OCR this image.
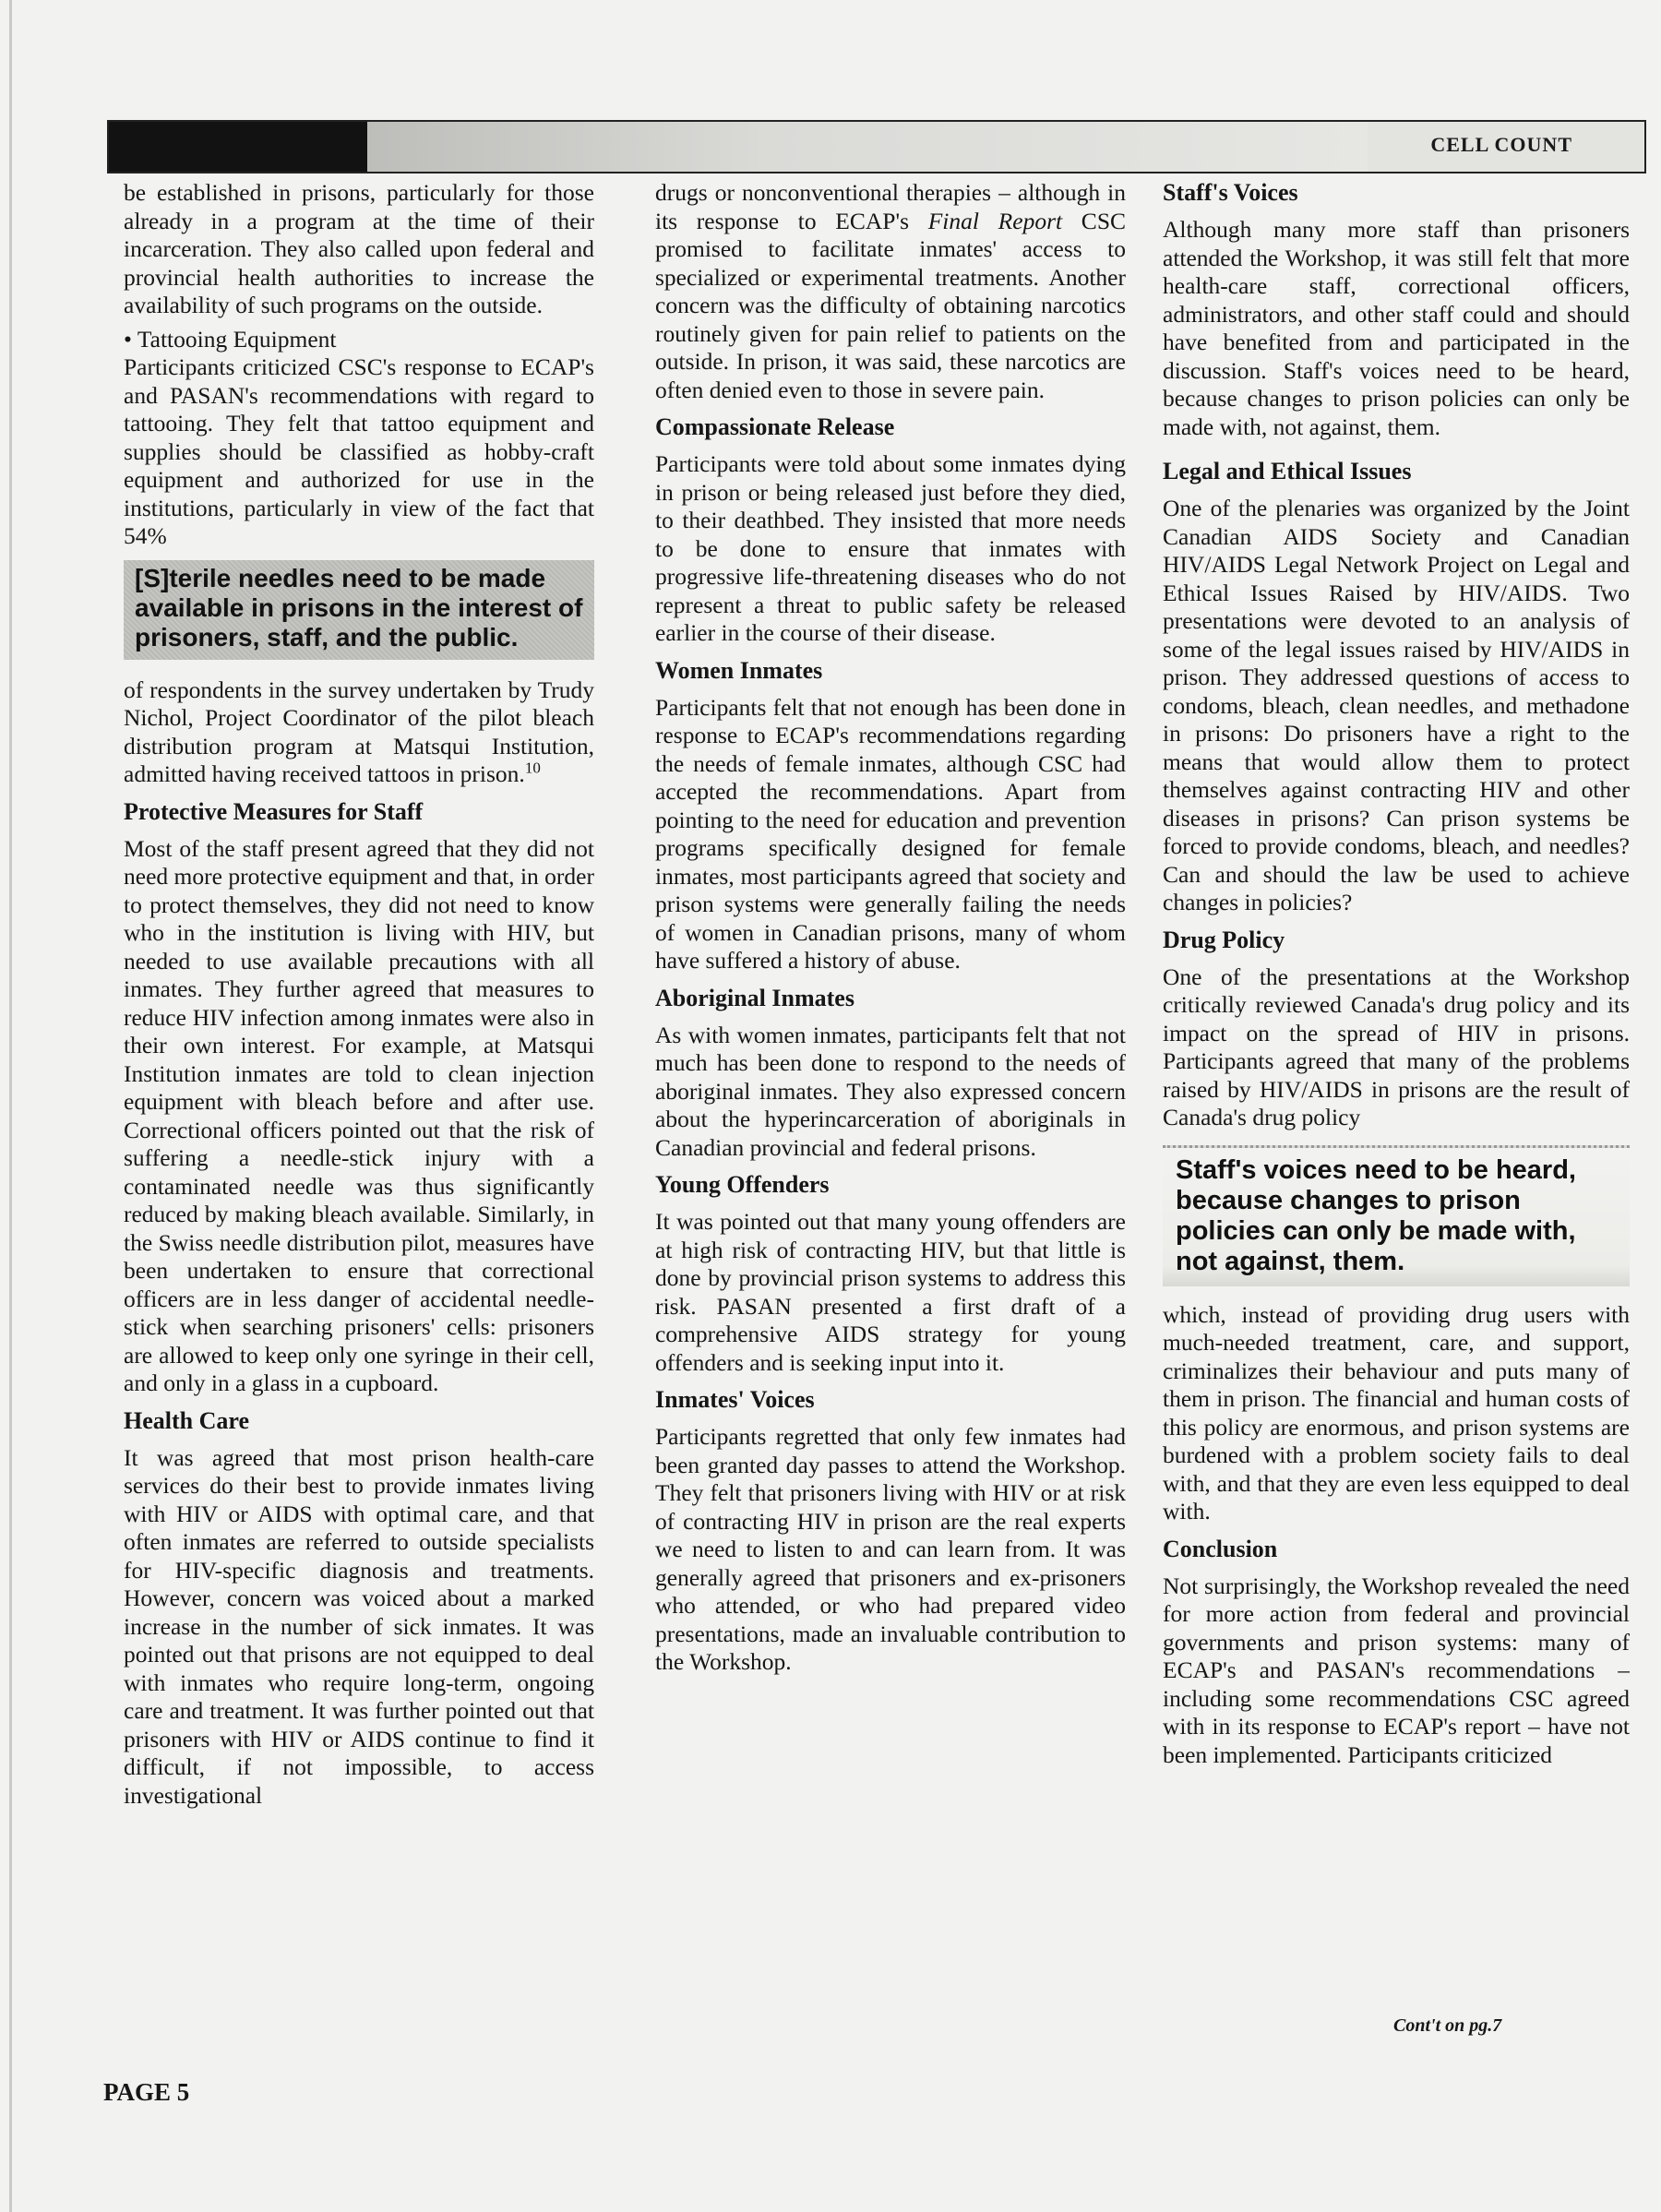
CELL COUNT

be established in prisons, particularly for those already in a program at the time of their incarceration. They also called upon federal and provincial health authorities to increase the availability of such programs on the outside.

• Tattooing Equipment

Participants criticized CSC's response to ECAP's and PASAN's recommendations with regard to tattooing. They felt that tattoo equipment and supplies should be classified as hobby-craft equipment and authorized for use in the institutions, particularly in view of the fact that 54%

[S]terile needles need to be made available in prisons in the interest of prisoners, staff, and the public.

of respondents in the survey undertaken by Trudy Nichol, Project Coordinator of the pilot bleach distribution program at Matsqui Institution, admitted having received tattoos in prison.$^{10}$

Protective Measures for Staff

Most of the staff present agreed that they did not need more protective equipment and that, in order to protect themselves, they did not need to know who in the institution is living with HIV, but needed to use available precautions with all inmates. They further agreed that measures to reduce HIV infection among inmates were also in their own interest. For example, at Matsqui Institution inmates are told to clean injection equipment with bleach before and after use. Correctional officers pointed out that the risk of suffering a needle-stick injury with a contaminated needle was thus significantly reduced by making bleach available. Similarly, in the Swiss needle distribution pilot, measures have been undertaken to ensure that correctional officers are in less danger of accidental needle-stick when searching prisoners' cells: prisoners are allowed to keep only one syringe in their cell, and only in a glass in a cupboard.

Health Care

It was agreed that most prison health-care services do their best to provide inmates living with HIV or AIDS with optimal care, and that often inmates are referred to outside specialists for HIV-specific diagnosis and treatments. However, concern was voiced about a marked increase in the number of sick inmates. It was pointed out that prisons are not equipped to deal with inmates who require long-term, ongoing care and treatment. It was further pointed out that prisoners with HIV or AIDS continue to find it difficult, if not impossible, to access investigational

drugs or nonconventional therapies – although in its response to ECAP's Final Report CSC promised to facilitate inmates' access to specialized or experimental treatments. Another concern was the difficulty of obtaining narcotics routinely given for pain relief to patients on the outside. In prison, it was said, these narcotics are often denied even to those in severe pain.

Compassionate Release

Participants were told about some inmates dying in prison or being released just before they died, to their deathbed. They insisted that more needs to be done to ensure that inmates with progressive life-threatening diseases who do not represent a threat to public safety be released earlier in the course of their disease.

Women Inmates

Participants felt that not enough has been done in response to ECAP's recommendations regarding the needs of female inmates, although CSC had accepted the recommendations. Apart from pointing to the need for education and prevention programs specifically designed for female inmates, most participants agreed that society and prison systems were generally failing the needs of women in Canadian prisons, many of whom have suffered a history of abuse.

Aboriginal Inmates

As with women inmates, participants felt that not much has been done to respond to the needs of aboriginal inmates. They also expressed concern about the hyperincarceration of aboriginals in Canadian provincial and federal prisons.

Young Offenders

It was pointed out that many young offenders are at high risk of contracting HIV, but that little is done by provincial prison systems to address this risk. PASAN presented a first draft of a comprehensive AIDS strategy for young offenders and is seeking input into it.

Inmates' Voices

Participants regretted that only few inmates had been granted day passes to attend the Workshop. They felt that prisoners living with HIV or at risk of contracting HIV in prison are the real experts we need to listen to and can learn from. It was generally agreed that prisoners and ex-prisoners who attended, or who had prepared video presentations, made an invaluable contribution to the Workshop.

Staff's Voices

Although many more staff than prisoners attended the Workshop, it was still felt that more health-care staff, correctional officers, administrators, and other staff could and should have benefited from and participated in the discussion. Staff's voices need to be heard, because changes to prison policies can only be made with, not against, them.

Legal and Ethical Issues

One of the plenaries was organized by the Joint Canadian AIDS Society and Canadian HIV/AIDS Legal Network Project on Legal and Ethical Issues Raised by HIV/AIDS. Two presentations were devoted to an analysis of some of the legal issues raised by HIV/AIDS in prison. They addressed questions of access to condoms, bleach, clean needles, and methadone in prisons: Do prisoners have a right to the means that would allow them to protect themselves against contracting HIV and other diseases in prisons? Can prison systems be forced to provide condoms, bleach, and needles? Can and should the law be used to achieve changes in policies?

Drug Policy

One of the presentations at the Workshop critically reviewed Canada's drug policy and its impact on the spread of HIV in prisons. Participants agreed that many of the problems raised by HIV/AIDS in prisons are the result of Canada's drug policy

Staff's voices need to be heard, because changes to prison policies can only be made with, not against, them.

which, instead of providing drug users with much-needed treatment, care, and support, criminalizes their behaviour and puts many of them in prison. The financial and human costs of this policy are enormous, and prison systems are burdened with a problem society fails to deal with, and that they are even less equipped to deal with.

Conclusion

Not surprisingly, the Workshop revealed the need for more action from federal and provincial governments and prison systems: many of ECAP's and PASAN's recommendations – including some recommendations CSC agreed with in its response to ECAP's report – have not been implemented. Participants criticized

Cont't on pg.7
PAGE 5
